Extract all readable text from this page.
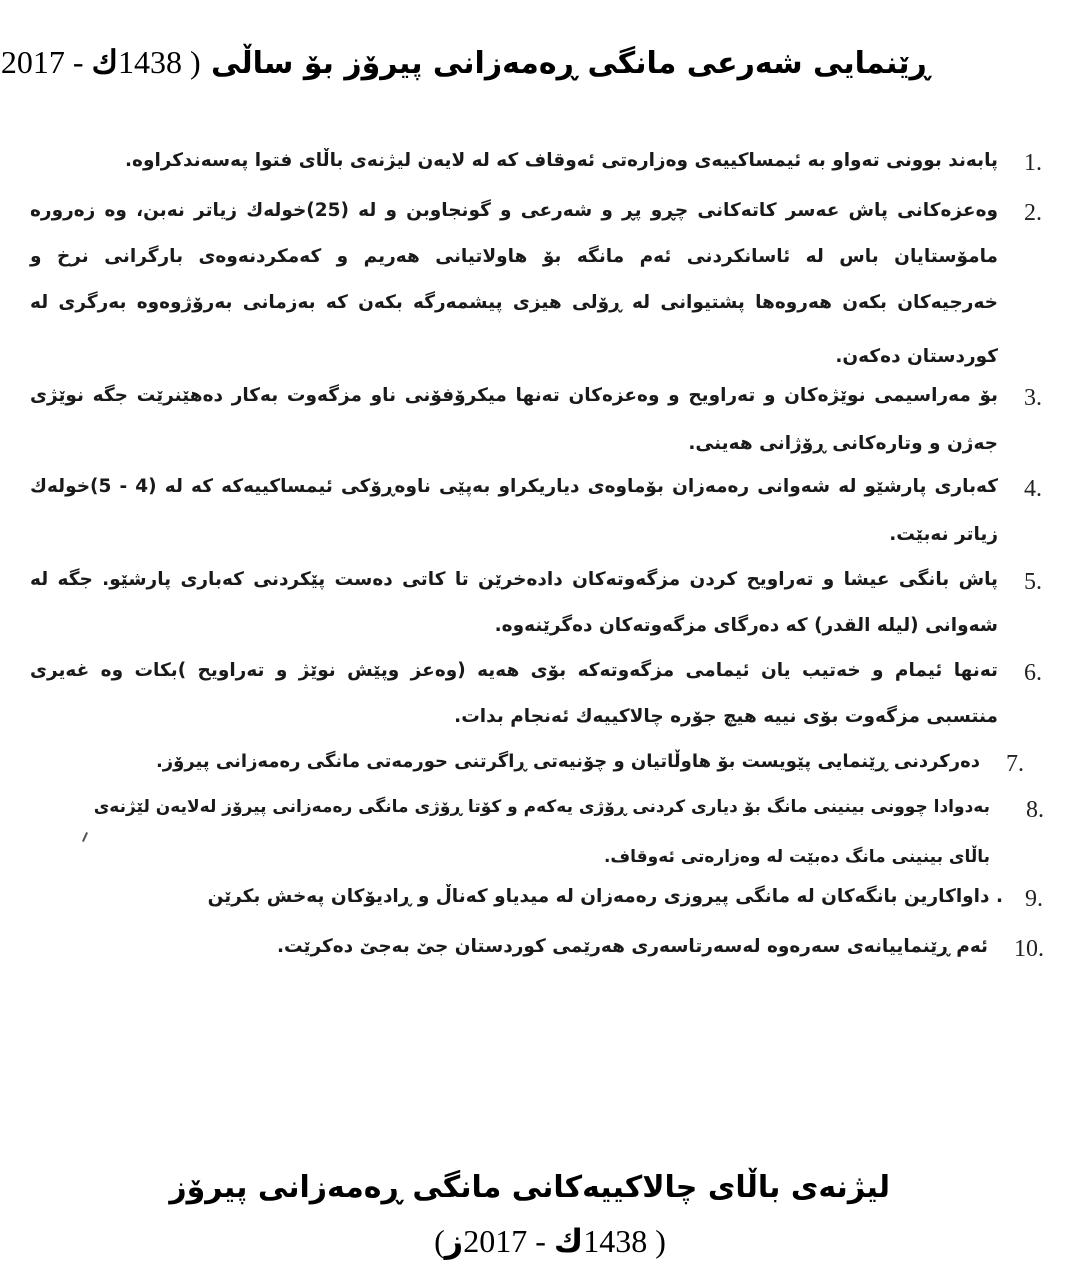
ڕێنمایی شەرعی مانگی ڕەمەزانی پیرۆز بۆ ساڵی ( 1438ك - 2017
1.
پابەند بوونی تەواو بە ئیمساکییەی وەزارەتی ئەوقاف کە لە لایەن لیژنەی باڵای فتوا پەسەندکراوە.
2.
وەعزەکانی پاش عەسر کاتەکانی چڕو پڕ و شەرعی و گونجاوبن و لە (25)خولەك زیاتر نەبن، وە زەرورە
مامۆستایان باس لە ئاسانکردنی ئەم مانگە بۆ هاولاتیانی هەریم و کەمکردنەوەی بارگرانی نرخ و
خەرجیەکان بکەن هەروەها پشتیوانی لە ڕۆلی هیزی پیشمەرگە بکەن کە بەزمانی بەرۆژوەوە بەرگری لە
کوردستان دەکەن.
3.
بۆ مەراسیمی نوێژەکان و تەراویح و وەعزەکان تەنها میکرۆفۆنی ناو مزگەوت بەکار دەهێنرێت جگە نوێژی
جەژن و وتارەکانی ڕۆژانی هەینی.
4.
کەباری پارشێو لە شەوانی رەمەزان بۆماوەی دیاریکراو بەپێی ناوەڕۆکی ئیمساکییەکە کە لە (4 - 5)خولەك
زیاتر نەبێت.
5.
پاش بانگی عیشا و تەراویح کردن مزگەوتەکان دادەخرێن تا کاتی دەست پێکردنی کەباری پارشێو. جگە لە
شەوانی (لیله القدر) کە دەرگای مزگەوتەکان دەگرێنەوە.
6.
تەنها ئیمام و خەتیب یان ئیمامی مزگەوتەکە بۆی هەیە (وەعز وپێش نوێژ و تەراویح )بکات وە غەیری
منتسبی مزگەوت بۆی نییە هیچ جۆرە چالاکییەك ئەنجام بدات.
7.
دەرکردنی ڕێنمایی پێویست بۆ هاوڵاتیان و چۆنیەتی ڕاگرتنی حورمەتی مانگی رەمەزانی پیرۆز.
8.
بەدوادا چوونی بینینی مانگ بۆ دیاری کردنی ڕۆژی یەکەم و کۆتا ڕۆژی مانگی رەمەزانی پیرۆز لەلایەن لێژنەی
باڵای بینینی مانگ دەبێت لە وەزارەتی ئەوقاف.
9.
. داواکارین بانگەکان لە مانگی پیروزی رەمەزان لە میدیاو کەناڵ و ڕادیۆکان پەخش بکرێن
10.
ئەم ڕێنماییانەی سەرەوە لەسەرتاسەری هەرێمی کوردستان جێ بەجێ دەکرێت.
لیژنەی باڵای چالاکییەکانی مانگی ڕەمەزانی پیرۆز
( 1438ك - 2017ز)
